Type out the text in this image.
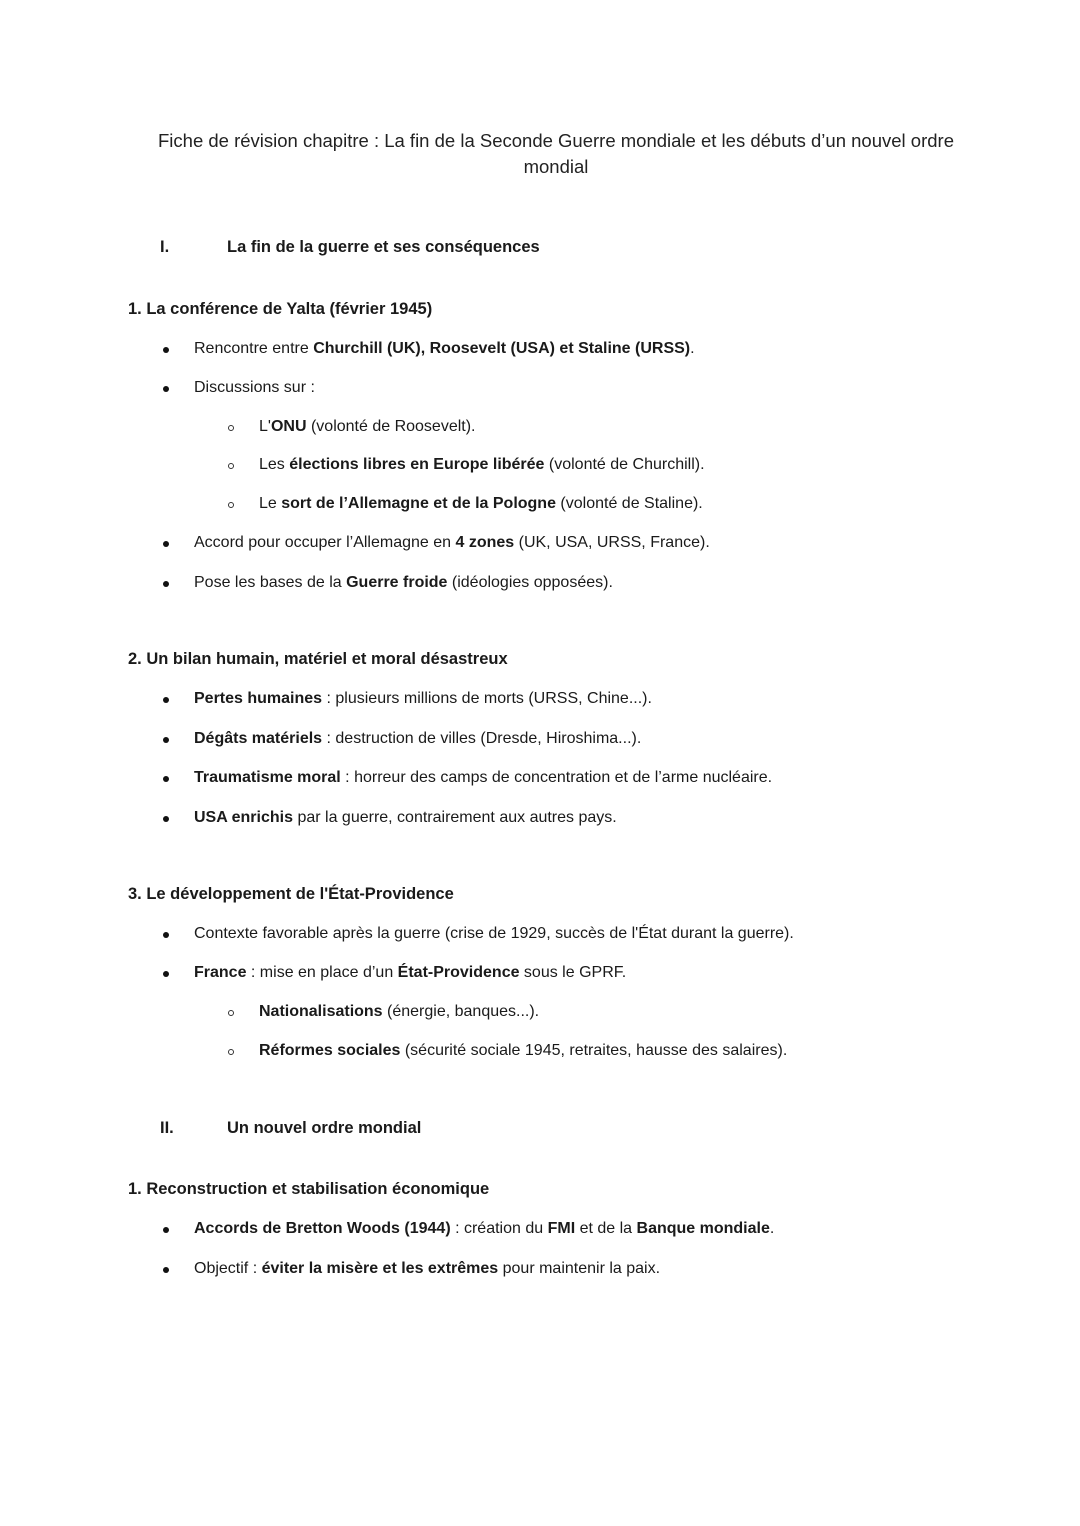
Fiche de révision chapitre : La fin de la Seconde Guerre mondiale et les débuts d’un nouvel ordre mondial
I.	La fin de la guerre et ses conséquences
1. La conférence de Yalta (février 1945)
Rencontre entre Churchill (UK), Roosevelt (USA) et Staline (URSS).
Discussions sur :
L'ONU (volonté de Roosevelt).
Les élections libres en Europe libérée (volonté de Churchill).
Le sort de l’Allemagne et de la Pologne (volonté de Staline).
Accord pour occuper l’Allemagne en 4 zones (UK, USA, URSS, France).
Pose les bases de la Guerre froide (idéologies opposées).
2. Un bilan humain, matériel et moral désastreux
Pertes humaines : plusieurs millions de morts (URSS, Chine...).
Dégâts matériels : destruction de villes (Dresde, Hiroshima...).
Traumatisme moral : horreur des camps de concentration et de l’arme nucléaire.
USA enrichis par la guerre, contrairement aux autres pays.
3. Le développement de l'État-Providence
Contexte favorable après la guerre (crise de 1929, succès de l'État durant la guerre).
France : mise en place d’un État-Providence sous le GPRF.
Nationalisations (énergie, banques...).
Réformes sociales (sécurité sociale 1945, retraites, hausse des salaires).
II.	Un nouvel ordre mondial
1. Reconstruction et stabilisation économique
Accords de Bretton Woods (1944) : création du FMI et de la Banque mondiale.
Objectif : éviter la misère et les extrêmes pour maintenir la paix.
